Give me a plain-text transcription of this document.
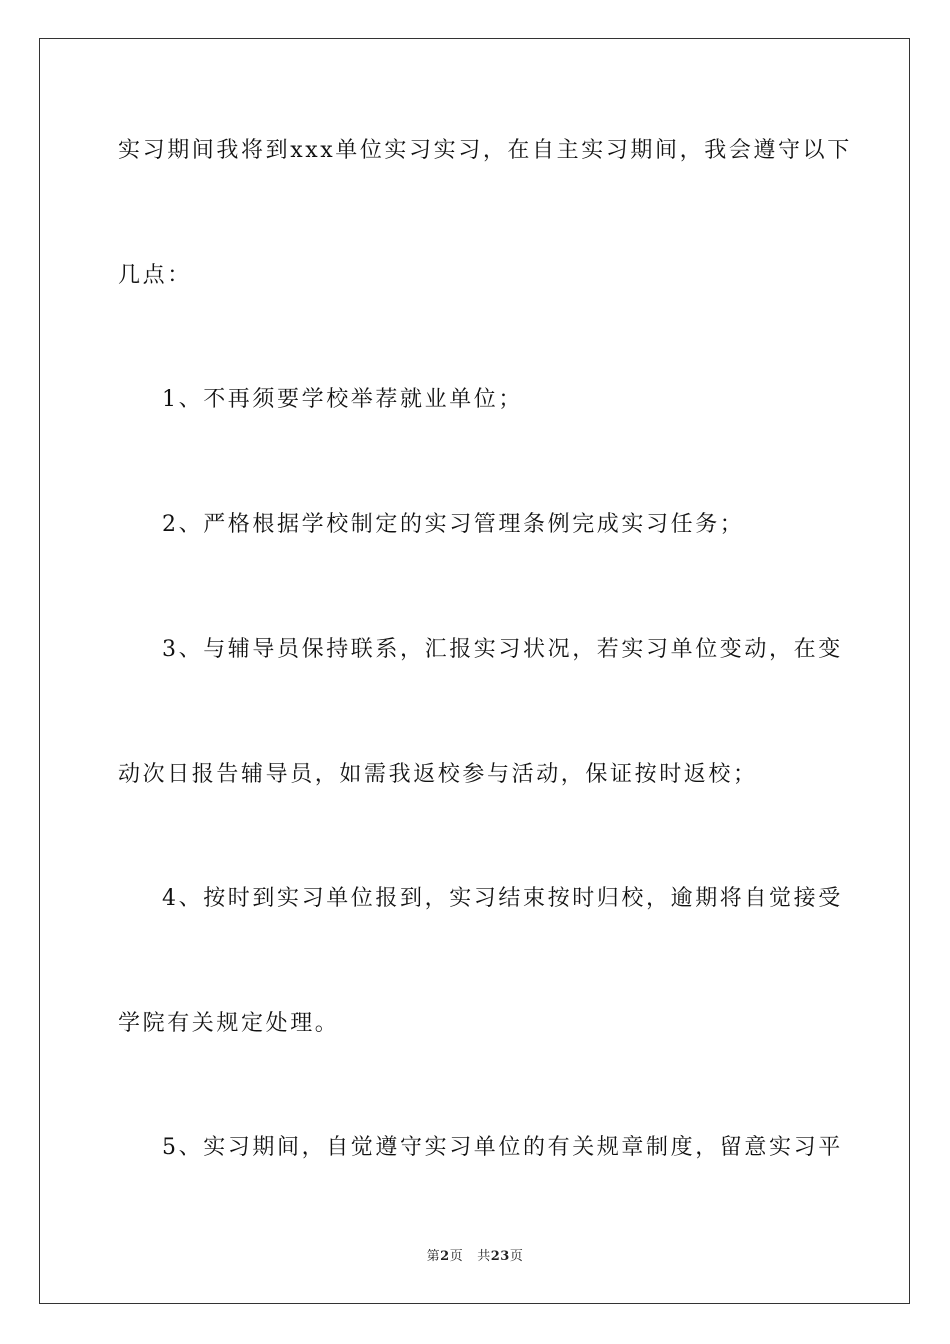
实习期间我将到xxx单位实习实习，在自主实习期间，我会遵守以下
几点：
1、不再须要学校举荐就业单位；
2、严格根据学校制定的实习管理条例完成实习任务；
3、与辅导员保持联系，汇报实习状况，若实习单位变动，在变
动次日报告辅导员，如需我返校参与活动，保证按时返校；
4、按时到实习单位报到，实习结束按时归校，逾期将自觉接受
学院有关规定处理。
5、实习期间，自觉遵守实习单位的有关规章制度，留意实习平
第2页 共23页
